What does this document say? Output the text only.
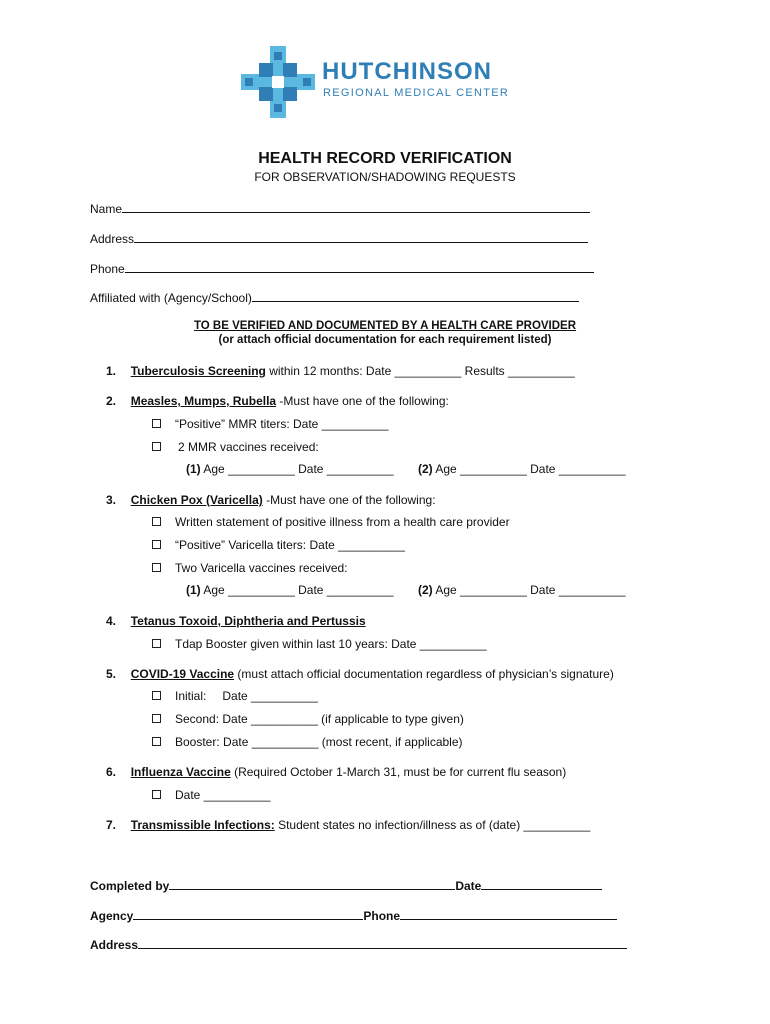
HUTCHINSON
REGIONAL MEDICAL CENTER
HEALTH RECORD VERIFICATION
FOR OBSERVATION/SHADOWING REQUESTS
Name
Address
Phone
Affiliated with (Agency/School)
TO BE VERIFIED AND DOCUMENTED BY A HEALTH CARE PROVIDER
(or attach official documentation for each requirement listed)
1. Tuberculosis Screening within 12 months: Date __________ Results __________
2. Measles, Mumps, Rubella -Must have one of the following:
“Positive” MMR titers: Date __________
2 MMR vaccines received:
(1) Age __________ Date __________ (2) Age __________ Date __________
3. Chicken Pox (Varicella) -Must have one of the following:
Written statement of positive illness from a health care provider
“Positive” Varicella titers: Date __________
Two Varicella vaccines received:
(1) Age __________ Date __________ (2) Age __________ Date __________
4. Tetanus Toxoid, Diphtheria and Pertussis
Tdap Booster given within last 10 years: Date __________
5. COVID-19 Vaccine (must attach official documentation regardless of physician’s signature)
Initial: Date __________
Second: Date __________ (if applicable to type given)
Booster: Date __________ (most recent, if applicable)
6. Influenza Vaccine (Required October 1-March 31, must be for current flu season)
Date __________
7. Transmissible Infections: Student states no infection/illness as of (date) __________
Completed by	Date
Agency	Phone
Address
